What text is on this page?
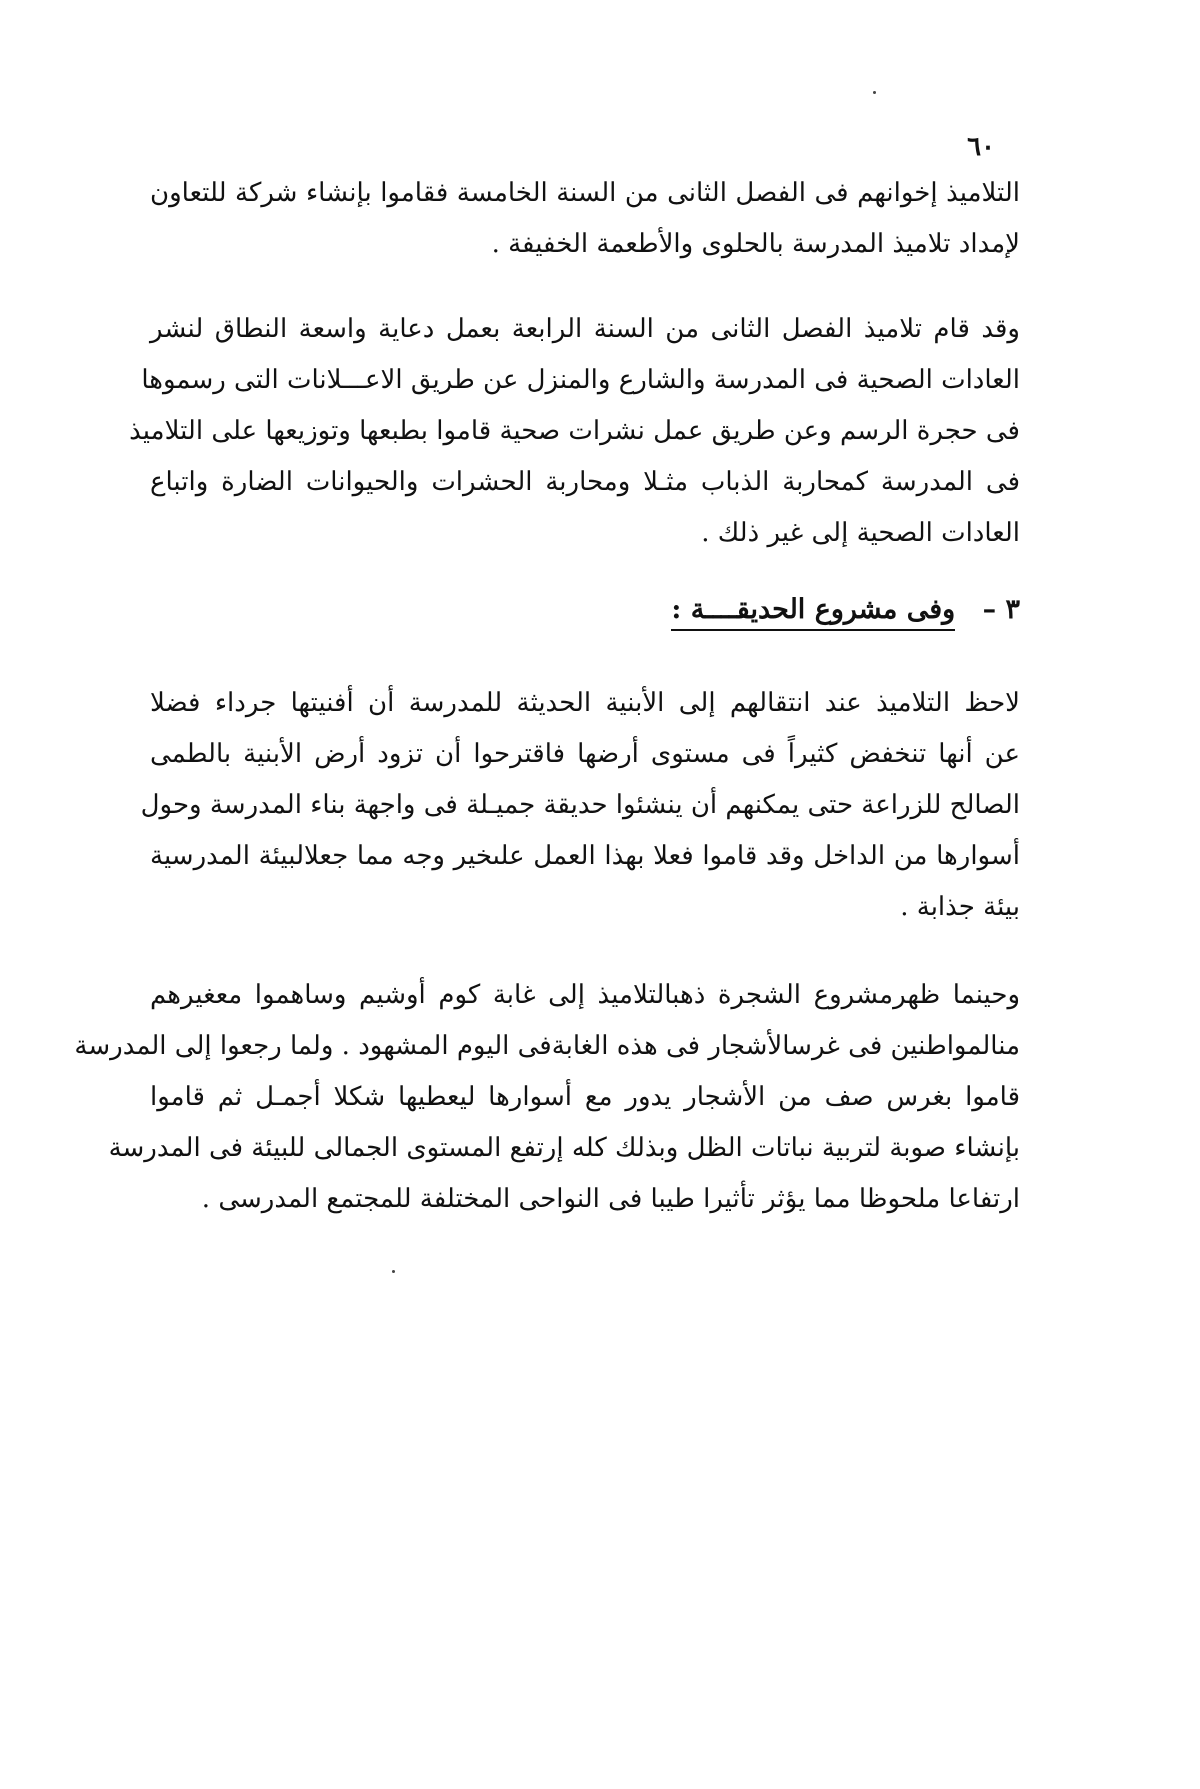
٦٠
التلاميذ إخوانهم فى الفصل الثانى من السنة الخامسة فقاموا بإنشاء شركة للتعاون
لإمداد تلاميذ المدرسة بالحلوى والأطعمة الخفيفة .
وقد قام تلاميذ الفصل الثانى من السنة الرابعة بعمل دعاية واسعة النطاق لنشر
العادات الصحية فى المدرسة والشارع والمنزل عن طريق الاعـــلانات التى رسموها
فى حجرة الرسم وعن طريق عمل نشرات صحية قاموا بطبعها وتوزيعها على التلاميذ
فى المدرسة كمحاربة الذباب مثـلا ومحاربة الحشرات والحيوانات الضارة واتباع
العادات الصحية إلى غير ذلك .
٣ – وفى مشروع الحديقــــة :
لاحظ التلاميذ عند انتقالهم إلى الأبنية الحديثة للمدرسة أن أفنيتها جرداء فضلا
عن أنها تنخفض كثيراً فى مستوى أرضها فاقترحوا أن تزود أرض الأبنية بالطمى
الصالح للزراعة حتى يمكنهم أن ينشئوا حديقة جميـلة فى واجهة بناء المدرسة وحول
أسوارها من الداخل وقد قاموا فعلا بهذا العمل علىخير وجه مما جعلالبيئة المدرسية
بيئة جذابة .
وحينما ظهرمشروع الشجرة ذهبالتلاميذ إلى غابة كوم أوشيم وساهموا معغيرهم
منالمواطنين فى غرسالأشجار فى هذه الغابةفى اليوم المشهود . ولما رجعوا إلى المدرسة
قاموا بغرس صف من الأشجار يدور مع أسوارها ليعطيها شكلا أجمـل ثم قاموا
بإنشاء صوبة لتربية نباتات الظل وبذلك كله إرتفع المستوى الجمالى للبيئة فى المدرسة
ارتفاعا ملحوظا مما يؤثر تأثيرا طيبا فى النواحى المختلفة للمجتمع المدرسى .
